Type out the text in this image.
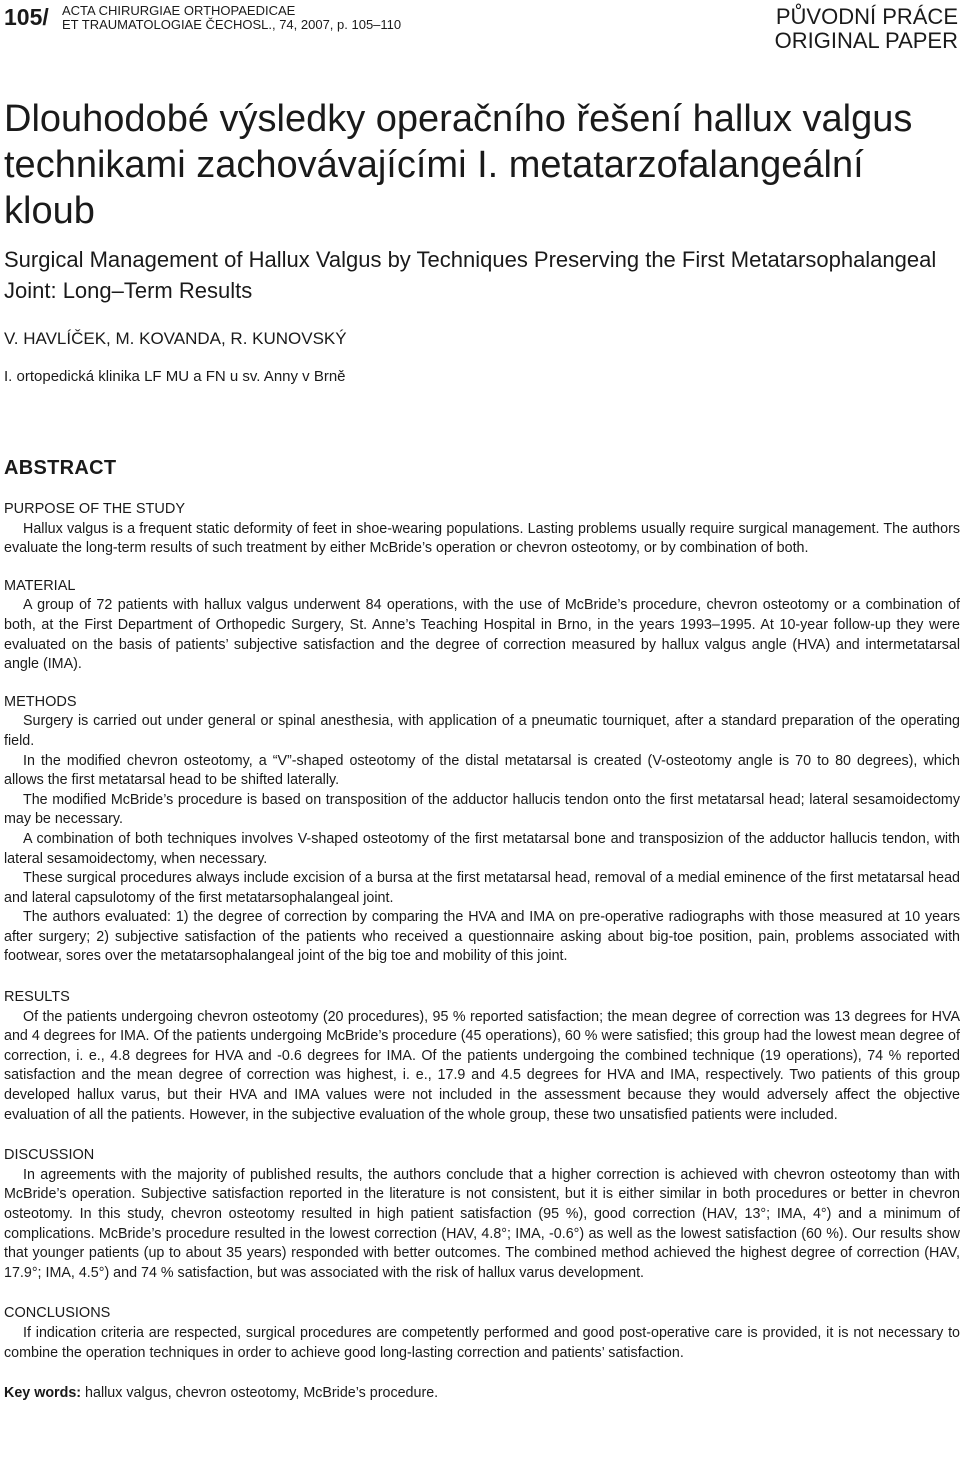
105/ ACTA CHIRURGIAE ORTHOPAEDICAE
ET TRAUMATOLOGIAE ČECHOSL., 74, 2007, p. 105–110	PŮVODNÍ PRÁCE
ORIGINAL PAPER
Dlouhodobé výsledky operačního řešení hallux valgus technikami zachovávajícími I. metatarzofalangeální kloub
Surgical Management of Hallux Valgus by Techniques Preserving the First Metatarsophalangeal Joint: Long–Term Results
V. HAVLÍČEK, M. KOVANDA, R. KUNOVSKÝ
I. ortopedická klinika LF MU a FN u sv. Anny v Brně
ABSTRACT
PURPOSE OF THE STUDY

Hallux valgus is a frequent static deformity of feet in shoe-wearing populations. Lasting problems usually require surgical management. The authors evaluate the long-term results of such treatment by either McBride’s operation or chevron osteotomy, or by combination of both.

MATERIAL

A group of 72 patients with hallux valgus underwent 84 operations, with the use of McBride’s procedure, chevron osteotomy or a combination of both, at the First Department of Orthopedic Surgery, St. Anne’s Teaching Hospital in Brno, in the years 1993–1995. At 10-year follow-up they were evaluated on the basis of patients’ subjective satisfaction and the degree of correction measured by hallux valgus angle (HVA) and intermetatarsal angle (IMA).

METHODS

Surgery is carried out under general or spinal anesthesia, with application of a pneumatic tourniquet, after a standard preparation of the operating field.

In the modified chevron osteotomy, a “V”-shaped osteotomy of the distal metatarsal is created (V-osteotomy angle is 70 to 80 degrees), which allows the first metatarsal head to be shifted laterally.

The modified McBride’s procedure is based on transposition of the adductor hallucis tendon onto the first metatarsal head; lateral sesamoidectomy may be necessary.

A combination of both techniques involves V-shaped osteotomy of the first metatarsal bone and transposizion of the adductor hallucis tendon, with lateral sesamoidectomy, when necessary.

These surgical procedures always include excision of a bursa at the first metatarsal head, removal of a medial eminence of the first metatarsal head and lateral capsulotomy of the first metatarsophalangeal joint.

The authors evaluated: 1) the degree of correction by comparing the HVA and IMA on pre-operative radiographs with those measured at 10 years after surgery; 2) subjective satisfaction of the patients who received a questionnaire asking about big-toe position, pain, problems associated with footwear, sores over the metatarsophalangeal joint of the big toe and mobility of this joint.

RESULTS

Of the patients undergoing chevron osteotomy (20 procedures), 95 % reported satisfaction; the mean degree of correction was 13 degrees for HVA and 4 degrees for IMA. Of the patients undergoing McBride’s procedure (45 operations), 60 % were satisfied; this group had the lowest mean degree of correction, i. e., 4.8 degrees for HVA and -0.6 degrees for IMA. Of the patients undergoing the combined technique (19 operations), 74 % reported satisfaction and the mean degree of correction was highest, i. e., 17.9 and 4.5 degrees for HVA and IMA, respectively. Two patients of this group developed hallux varus, but their HVA and IMA values were not included in the assessment because they would adversely affect the objective evaluation of all the patients. However, in the subjective evaluation of the whole group, these two unsatisfied patients were included.

DISCUSSION

In agreements with the majority of published results, the authors conclude that a higher correction is achieved with chevron osteotomy than with McBride’s operation. Subjective satisfaction reported in the literature is not consistent, but it is either similar in both procedures or better in chevron osteotomy. In this study, chevron osteotomy resulted in high patient satisfaction (95 %), good correction (HAV, 13°; IMA, 4°) and a minimum of complications. McBride’s procedure resulted in the lowest correction (HAV, 4.8°; IMA, -0.6°) as well as the lowest satisfaction (60 %). Our results show that younger patients (up to about 35 years) responded with better outcomes. The combined method achieved the highest degree of correction (HAV, 17.9°; IMA, 4.5°) and 74 % satisfaction, but was associated with the risk of hallux varus development.

CONCLUSIONS

If indication criteria are respected, surgical procedures are competently performed and good post-operative care is provided, it is not necessary to combine the operation techniques in order to achieve good long-lasting correction and patients’ satisfaction.

Key words: hallux valgus, chevron osteotomy, McBride’s procedure.
